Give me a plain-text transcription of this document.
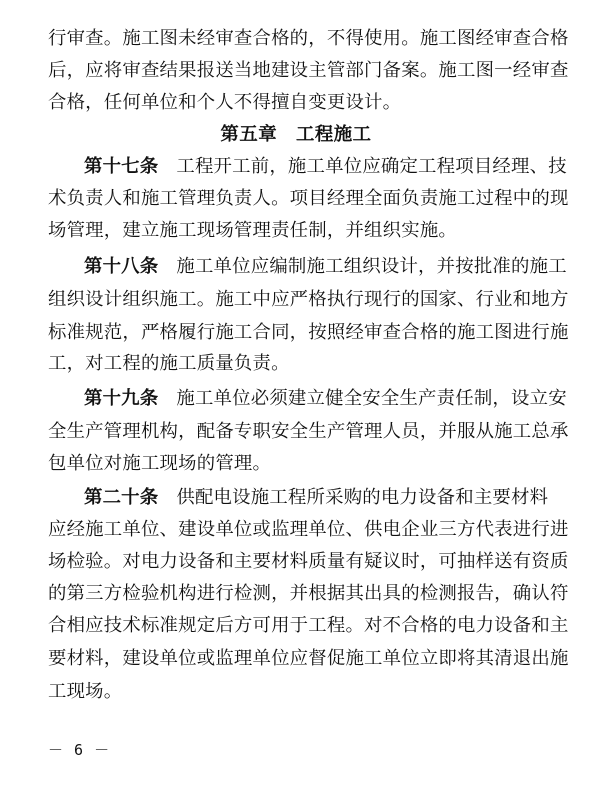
行审查。施工图未经审查合格的，不得使用。施工图经审查合格
后，应将审查结果报送当地建设主管部门备案。施工图一经审查
合格，任何单位和个人不得擅自变更设计。
第五章　工程施工
第十七条 工程开工前，施工单位应确定工程项目经理、技
术负责人和施工管理负责人。项目经理全面负责施工过程中的现
场管理，建立施工现场管理责任制，并组织实施。
第十八条 施工单位应编制施工组织设计，并按批准的施工
组织设计组织施工。施工中应严格执行现行的国家、行业和地方
标准规范，严格履行施工合同，按照经审查合格的施工图进行施
工，对工程的施工质量负责。
第十九条 施工单位必须建立健全安全生产责任制，设立安
全生产管理机构，配备专职安全生产管理人员，并服从施工总承
包单位对施工现场的管理。
第二十条 供配电设施工程所采购的电力设备和主要材料
应经施工单位、建设单位或监理单位、供电企业三方代表进行进
场检验。对电力设备和主要材料质量有疑议时，可抽样送有资质
的第三方检验机构进行检测，并根据其出具的检测报告，确认符
合相应技术标准规定后方可用于工程。对不合格的电力设备和主
要材料，建设单位或监理单位应督促施工单位立即将其清退出施
工现场。
－ 6 －
